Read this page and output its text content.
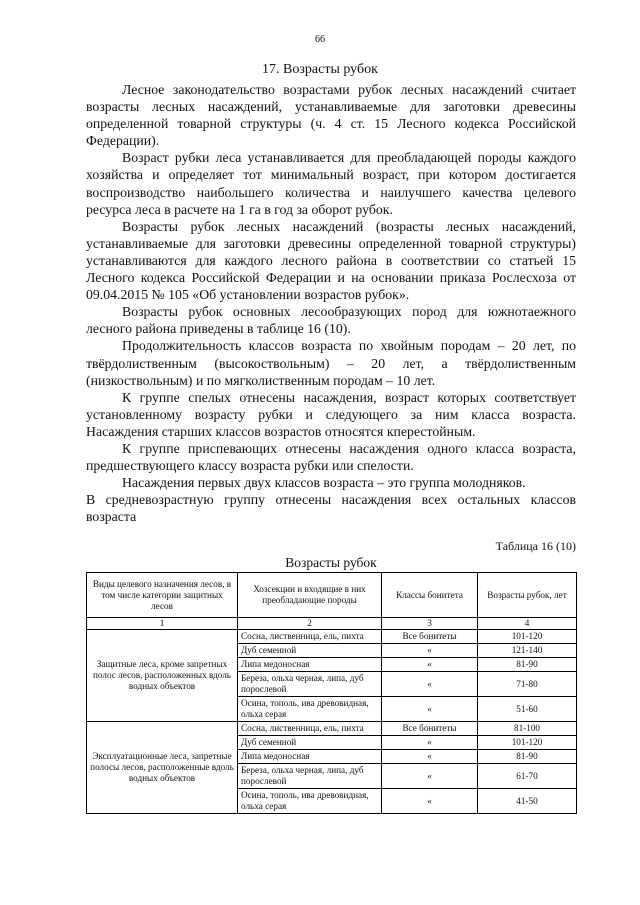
66
17. Возрасты рубок

Лесное законодательство возрастами рубок лесных насаждений считает возрасты лесных насаждений, устанавливаемые для заготовки древесины определенной товарной структуры (ч. 4 ст. 15 Лесного кодекса Российской Федерации).

Возраст рубки леса устанавливается для преобладающей породы каждого хозяйства и определяет тот минимальный возраст, при котором достигается воспроизводство наибольшего количества и наилучшего качества целевого ресурса леса в расчете на 1 га в год за оборот рубок.

Возрасты рубок лесных насаждений (возрасты лесных насаждений, устанавливаемые для заготовки древесины определенной товарной структуры) устанавливаются для каждого лесного района в соответствии со статьей 15 Лесного кодекса Российской Федерации и на основании приказа Рослесхоза от 09.04.2015 № 105 «Об установлении возрастов рубок».

Возрасты рубок основных лесообразующих пород для южнотаежного лесного района приведены в таблице 16 (10).

Продолжительность классов возраста по хвойным породам – 20 лет, по твёрдолиственным (высокоствольным) – 20 лет, а твёрдолиственным (низкоствольным) и по мягколиственным породам – 10 лет.

К группе спелых отнесены насаждения, возраст которых соответствует установленному возрасту рубки и следующего за ним класса возраста. Насаждения старших классов возрастов относятся кперестойным.

К группе приспевающих отнесены насаждения одного класса возраста, предшествующего классу возраста рубки или спелости.

Насаждения первых двух классов возраста – это группа молодняков.

В средневозрастную группу отнесены насаждения всех остальных классов возраста

Таблица 16 (10)
Возрасты рубок
Виды целевого назначения лесов, в том числе категории защитных лесов	Хозсекции и входящие в них преобладающие породы	Классы бонитета	Возрасты рубок, лет
1	2	3	4
Защитные леса, кроме запретных полос лесов, расположенных вдоль водных объектов	Сосна, лиственница, ель, пихта	Все бонитеты	101-120
	Дуб семенной	«	121-140
	Липа медоносная	«	81-90
	Береза, ольха черная, липа, дуб порослевой	«	71-80
	Осина, тополь, ива древовидная, ольха серая	«	51-60
Эксплуатационные леса, запретные полосы лесов, расположенные вдоль водных объектов	Сосна, лиственница, ель, пихта	Все бонитеты	81-100
	Дуб семенной	«	101-120
	Липа медоносная	«	81-90
	Береза, ольха черная, липа, дуб порослевой	«	61-70
	Осина, тополь, ива древовидная, ольха серая	«	41-50
